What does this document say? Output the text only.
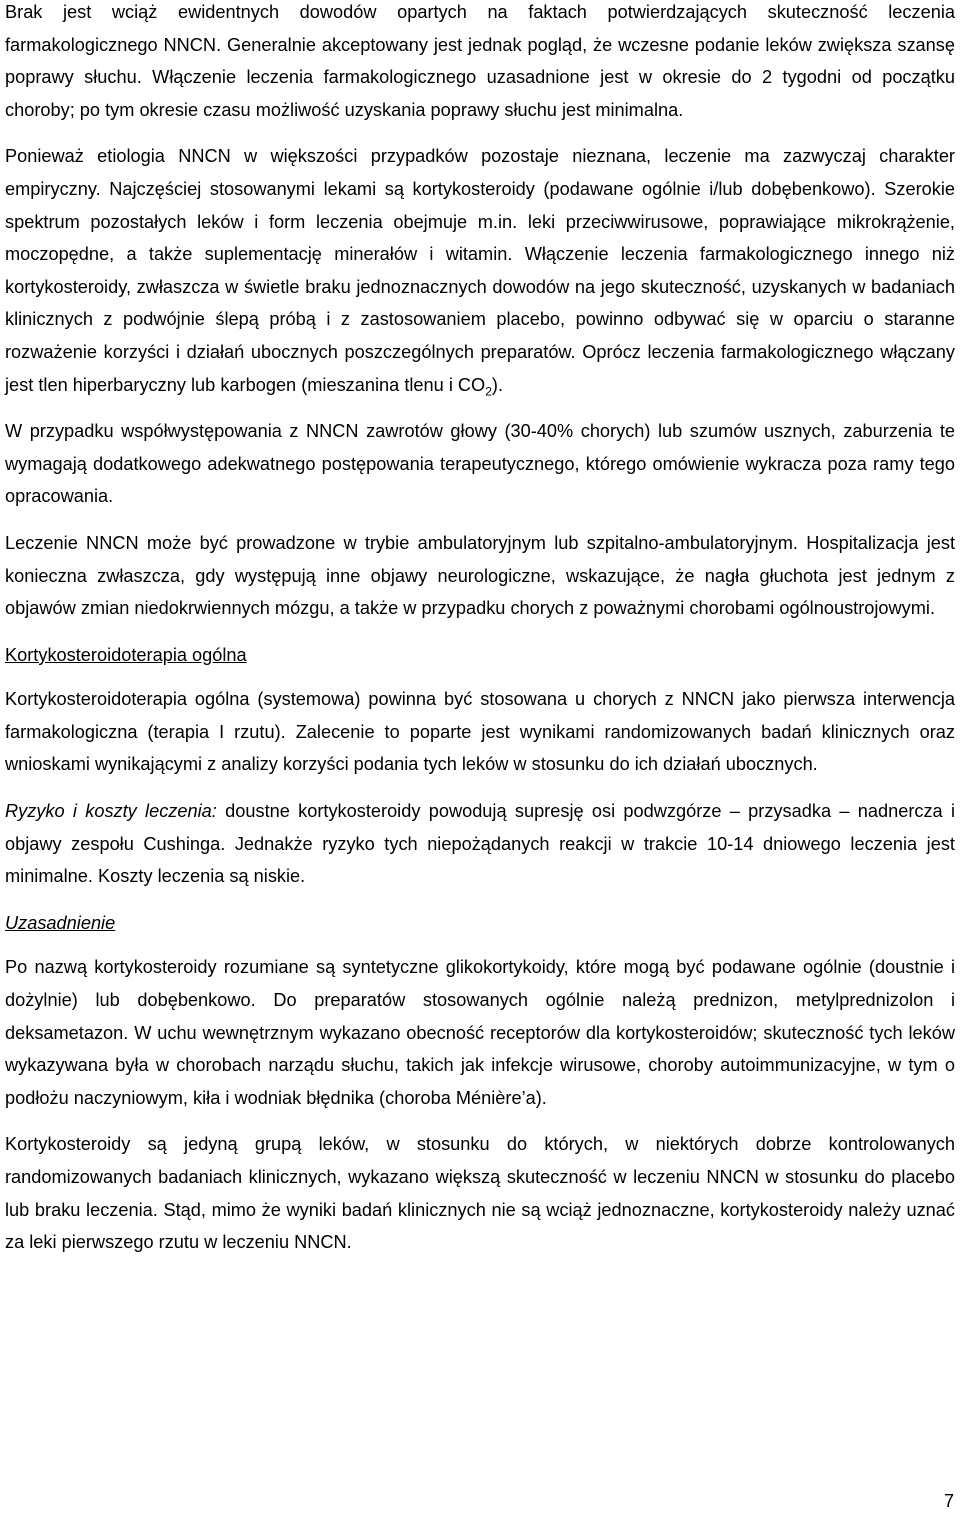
Brak jest wciąż ewidentnych dowodów opartych na faktach potwierdzających skuteczność leczenia farmakologicznego NNCN. Generalnie akceptowany jest jednak pogląd, że wczesne podanie leków zwiększa szansę poprawy słuchu. Włączenie leczenia farmakologicznego uzasadnione jest w okresie do 2 tygodni od początku choroby; po tym okresie czasu możliwość uzyskania poprawy słuchu jest minimalna.

Ponieważ etiologia NNCN w większości przypadków pozostaje nieznana, leczenie ma zazwyczaj charakter empiryczny. Najczęściej stosowanymi lekami są kortykosteroidy (podawane ogólnie i/lub dobębenkowo). Szerokie spektrum pozostałych leków i form leczenia obejmuje m.in. leki przeciwwirusowe, poprawiające mikrokrążenie, moczopędne, a także suplementację minerałów i witamin. Włączenie leczenia farmakologicznego innego niż kortykosteroidy, zwłaszcza w świetle braku jednoznacznych dowodów na jego skuteczność, uzyskanych w badaniach klinicznych z podwójnie ślepą próbą i z zastosowaniem placebo, powinno odbywać się w oparciu o staranne rozważenie korzyści i działań ubocznych poszczególnych preparatów. Oprócz leczenia farmakologicznego włączany jest tlen hiperbaryczny lub karbogen (mieszanina tlenu i $CO_2$).

W przypadku współwystępowania z NNCN zawrotów głowy (30-40% chorych) lub szumów usznych, zaburzenia te wymagają dodatkowego adekwatnego postępowania terapeutycznego, którego omówienie wykracza poza ramy tego opracowania.

Leczenie NNCN może być prowadzone w trybie ambulatoryjnym lub szpitalno-ambulatoryjnym. Hospitalizacja jest konieczna zwłaszcza, gdy występują inne objawy neurologiczne, wskazujące, że nagła głuchota jest jednym z objawów zmian niedokrwiennych mózgu, a także w przypadku chorych z poważnymi chorobami ogólnoustrojowymi.

Kortykosteroidoterapia ogólna

Kortykosteroidoterapia ogólna (systemowa) powinna być stosowana u chorych z NNCN jako pierwsza interwencja farmakologiczna (terapia I rzutu). Zalecenie to poparte jest wynikami randomizowanych badań klinicznych oraz wnioskami wynikającymi z analizy korzyści podania tych leków w stosunku do ich działań ubocznych.

Ryzyko i koszty leczenia: doustne kortykosteroidy powodują supresję osi podwzgórze – przysadka – nadnercza i objawy zespołu Cushinga. Jednakże ryzyko tych niepożądanych reakcji w trakcie 10-14 dniowego leczenia jest minimalne. Koszty leczenia są niskie.

Uzasadnienie

Po nazwą kortykosteroidy rozumiane są syntetyczne glikokortykoidy, które mogą być podawane ogólnie (doustnie i dożylnie) lub dobębenkowo. Do preparatów stosowanych ogólnie należą prednizon, metylprednizolon i deksametazon. W uchu wewnętrznym wykazano obecność receptorów dla kortykosteroidów; skuteczność tych leków wykazywana była w chorobach narządu słuchu, takich jak infekcje wirusowe, choroby autoimmunizacyjne, w tym o podłożu naczyniowym, kiła i wodniak błędnika (choroba Ménière’a).

Kortykosteroidy są jedyną grupą leków, w stosunku do których, w niektórych dobrze kontrolowanych randomizowanych badaniach klinicznych, wykazano większą skuteczność w leczeniu NNCN w stosunku do placebo lub braku leczenia. Stąd, mimo że wyniki badań klinicznych nie są wciąż jednoznaczne, kortykosteroidy należy uznać za leki pierwszego rzutu w leczeniu NNCN.

7
